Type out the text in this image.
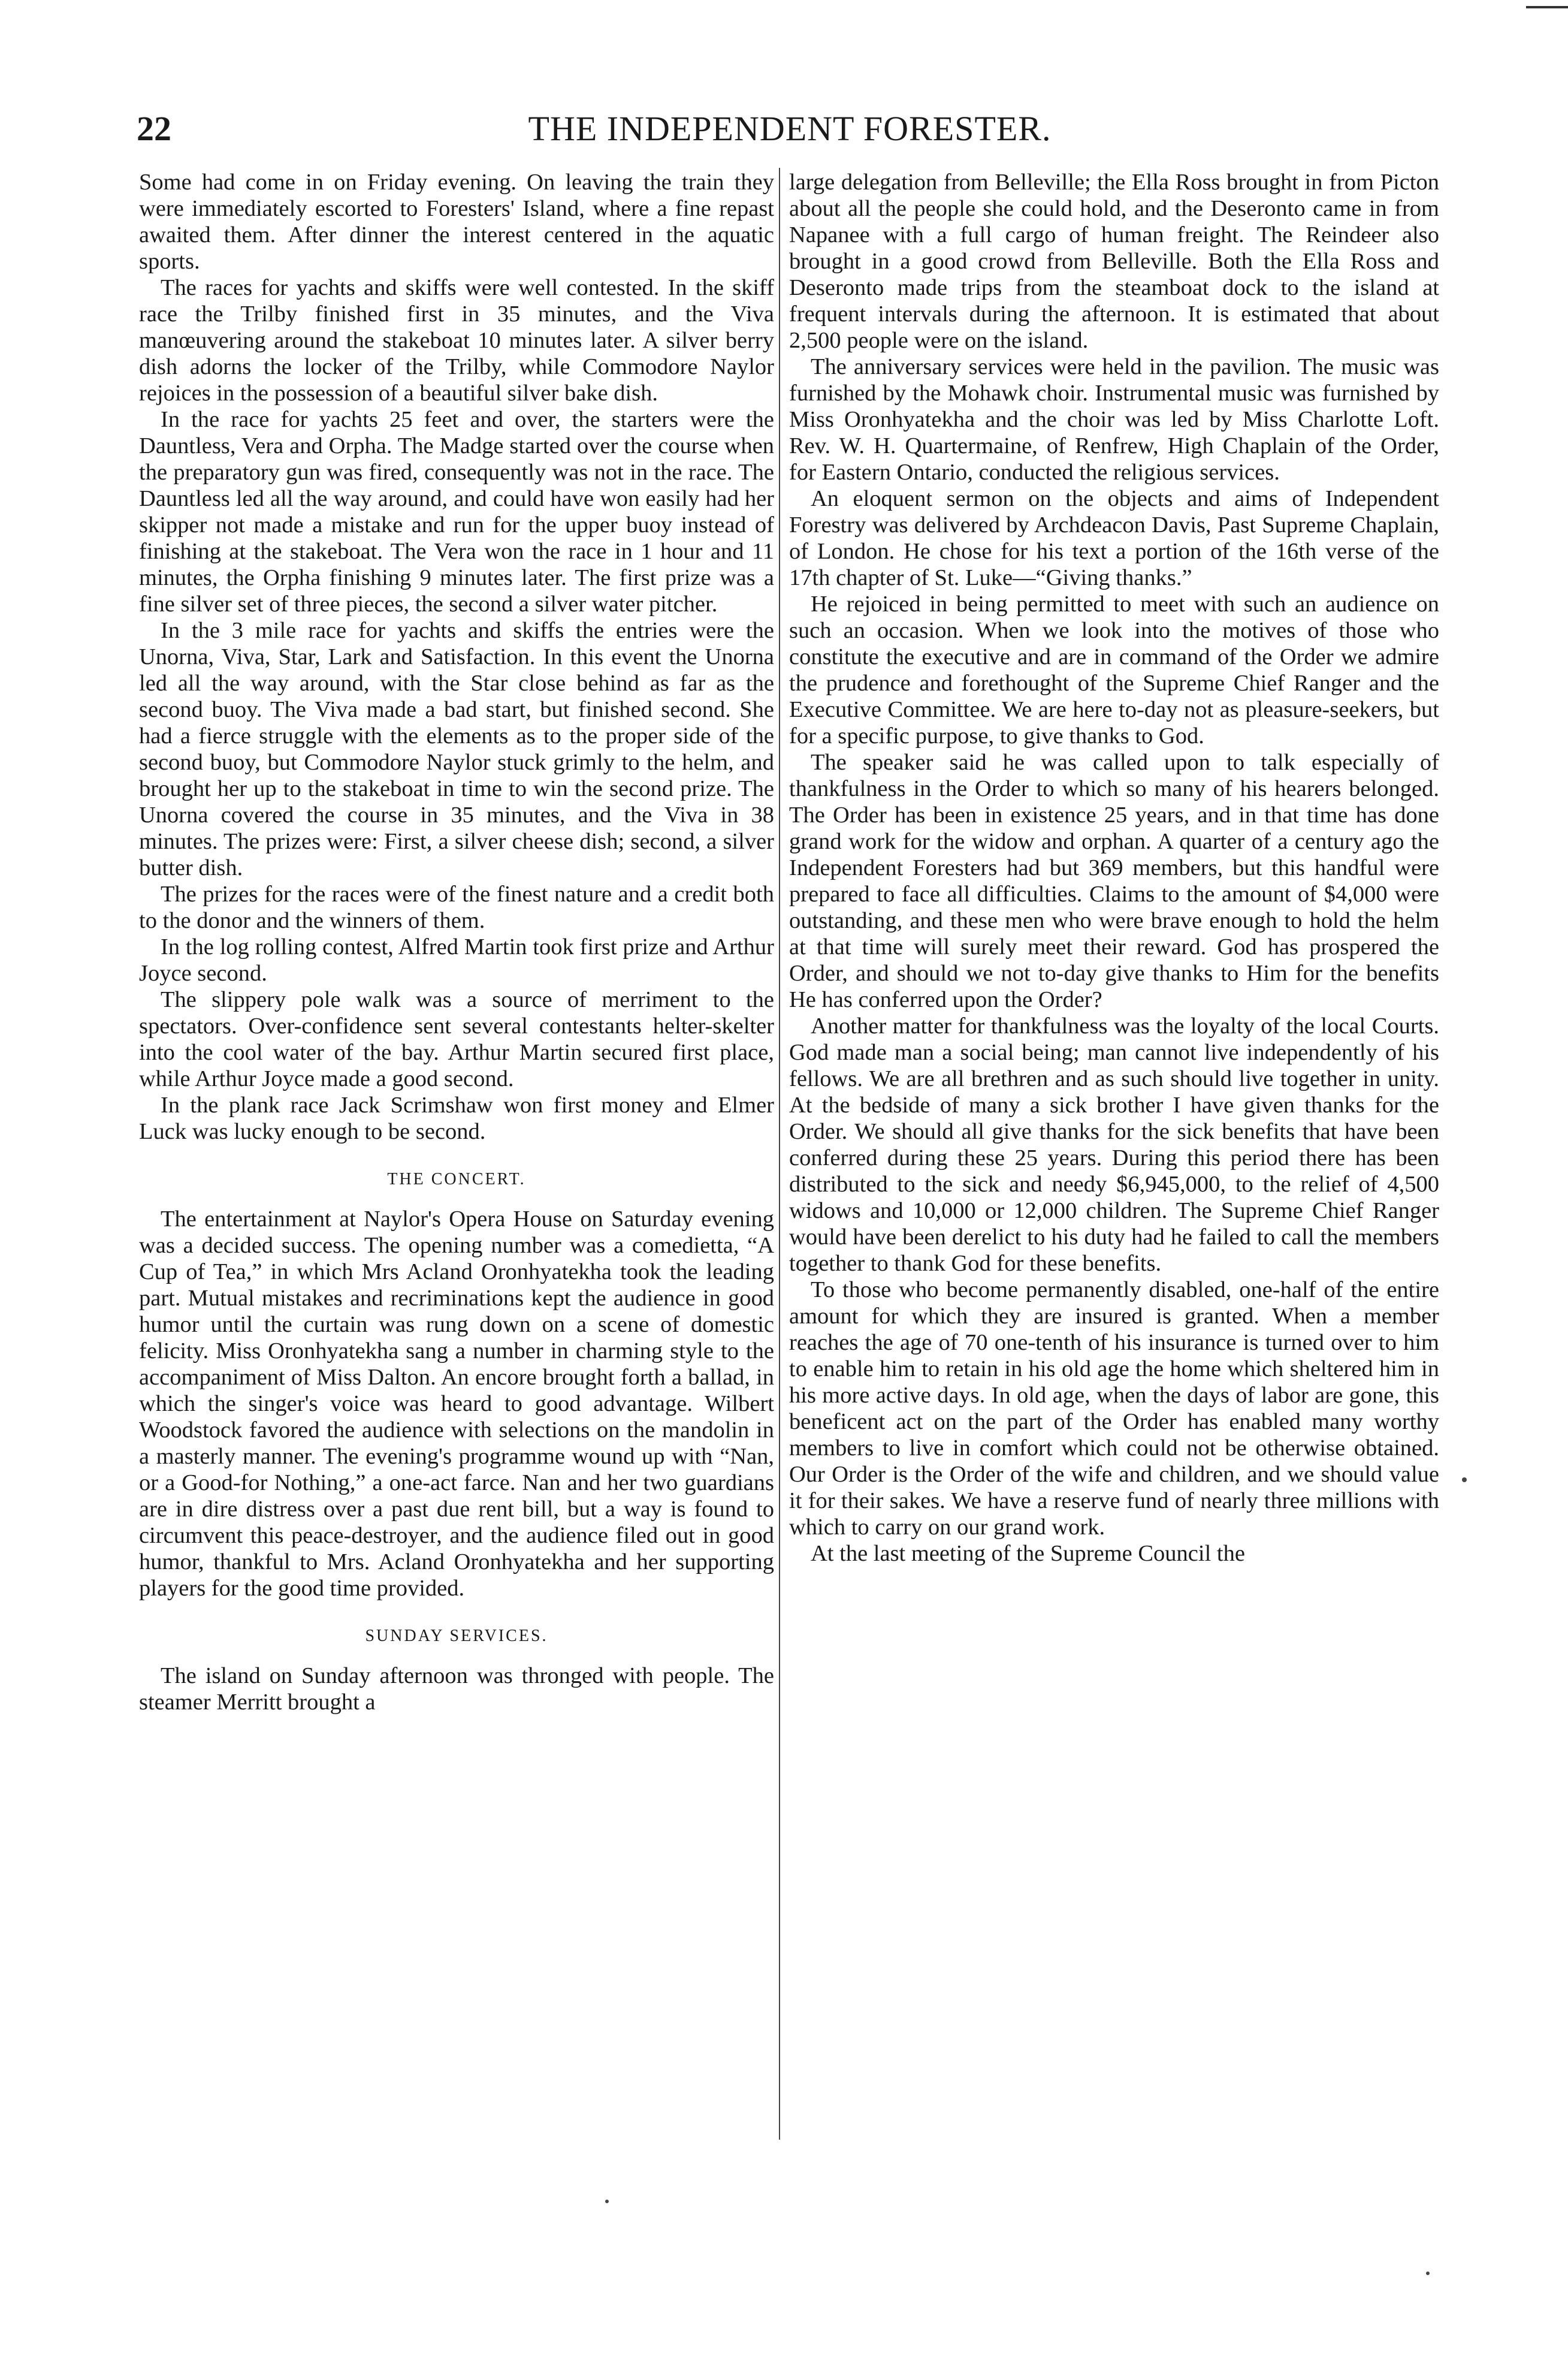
22	THE INDEPENDENT FORESTER.

Some had come in on Friday evening. On leaving the train they were immediately escorted to Foresters' Island, where a fine repast awaited them. After dinner the interest centered in the aquatic sports.

The races for yachts and skiffs were well contested. In the skiff race the Trilby finished first in 35 minutes, and the Viva manœuvering around the stakeboat 10 minutes later. A silver berry dish adorns the locker of the Trilby, while Commodore Naylor rejoices in the possession of a beautiful silver bake dish.

In the race for yachts 25 feet and over, the starters were the Dauntless, Vera and Orpha. The Madge started over the course when the preparatory gun was fired, consequently was not in the race. The Dauntless led all the way around, and could have won easily had her skipper not made a mistake and run for the upper buoy instead of finishing at the stakeboat. The Vera won the race in 1 hour and 11 minutes, the Orpha finishing 9 minutes later. The first prize was a fine silver set of three pieces, the second a silver water pitcher.

In the 3 mile race for yachts and skiffs the entries were the Unorna, Viva, Star, Lark and Satisfaction. In this event the Unorna led all the way around, with the Star close behind as far as the second buoy. The Viva made a bad start, but finished second. She had a fierce struggle with the elements as to the proper side of the second buoy, but Commodore Naylor stuck grimly to the helm, and brought her up to the stakeboat in time to win the second prize. The Unorna covered the course in 35 minutes, and the Viva in 38 minutes. The prizes were: First, a silver cheese dish; second, a silver butter dish.

The prizes for the races were of the finest nature and a credit both to the donor and the winners of them.

In the log rolling contest, Alfred Martin took first prize and Arthur Joyce second.

The slippery pole walk was a source of merriment to the spectators. Over-confidence sent several contestants helter-skelter into the cool water of the bay. Arthur Martin secured first place, while Arthur Joyce made a good second.

In the plank race Jack Scrimshaw won first money and Elmer Luck was lucky enough to be second.

THE CONCERT.

The entertainment at Naylor's Opera House on Saturday evening was a decided success. The opening number was a comedietta, “A Cup of Tea,” in which Mrs Acland Oronhyatekha took the leading part. Mutual mistakes and recriminations kept the audience in good humor until the curtain was rung down on a scene of domestic felicity. Miss Oronhyatekha sang a number in charming style to the accompaniment of Miss Dalton. An encore brought forth a ballad, in which the singer's voice was heard to good advantage. Wilbert Woodstock favored the audience with selections on the mandolin in a masterly manner. The evening's programme wound up with “Nan, or a Good-for Nothing,” a one-act farce. Nan and her two guardians are in dire distress over a past due rent bill, but a way is found to circumvent this peace-destroyer, and the audience filed out in good humor, thankful to Mrs. Acland Oronhyatekha and her supporting players for the good time provided.

SUNDAY SERVICES.

The island on Sunday afternoon was thronged with people. The steamer Merritt brought a

large delegation from Belleville; the Ella Ross brought in from Picton about all the people she could hold, and the Deseronto came in from Napanee with a full cargo of human freight. The Reindeer also brought in a good crowd from Belleville. Both the Ella Ross and Deseronto made trips from the steamboat dock to the island at frequent intervals during the afternoon. It is estimated that about 2,500 people were on the island.

The anniversary services were held in the pavilion. The music was furnished by the Mohawk choir. Instrumental music was furnished by Miss Oronhyatekha and the choir was led by Miss Charlotte Loft. Rev. W. H. Quartermaine, of Renfrew, High Chaplain of the Order, for Eastern Ontario, conducted the religious services.

An eloquent sermon on the objects and aims of Independent Forestry was delivered by Archdeacon Davis, Past Supreme Chaplain, of London. He chose for his text a portion of the 16th verse of the 17th chapter of St. Luke—“Giving thanks.”

He rejoiced in being permitted to meet with such an audience on such an occasion. When we look into the motives of those who constitute the executive and are in command of the Order we admire the prudence and forethought of the Supreme Chief Ranger and the Executive Committee. We are here to-day not as pleasure-seekers, but for a specific purpose, to give thanks to God.

The speaker said he was called upon to talk especially of thankfulness in the Order to which so many of his hearers belonged. The Order has been in existence 25 years, and in that time has done grand work for the widow and orphan. A quarter of a century ago the Independent Foresters had but 369 members, but this handful were prepared to face all difficulties. Claims to the amount of $4,000 were outstanding, and these men who were brave enough to hold the helm at that time will surely meet their reward. God has prospered the Order, and should we not to-day give thanks to Him for the benefits He has conferred upon the Order?

Another matter for thankfulness was the loyalty of the local Courts. God made man a social being; man cannot live independently of his fellows. We are all brethren and as such should live together in unity. At the bedside of many a sick brother I have given thanks for the Order. We should all give thanks for the sick benefits that have been conferred during these 25 years. During this period there has been distributed to the sick and needy $6,945,000, to the relief of 4,500 widows and 10,000 or 12,000 children. The Supreme Chief Ranger would have been derelict to his duty had he failed to call the members together to thank God for these benefits.

To those who become permanently disabled, one-half of the entire amount for which they are insured is granted. When a member reaches the age of 70 one-tenth of his insurance is turned over to him to enable him to retain in his old age the home which sheltered him in his more active days. In old age, when the days of labor are gone, this beneficent act on the part of the Order has enabled many worthy members to live in comfort which could not be otherwise obtained. Our Order is the Order of the wife and children, and we should value it for their sakes. We have a reserve fund of nearly three millions with which to carry on our grand work.

At the last meeting of the Supreme Council the
